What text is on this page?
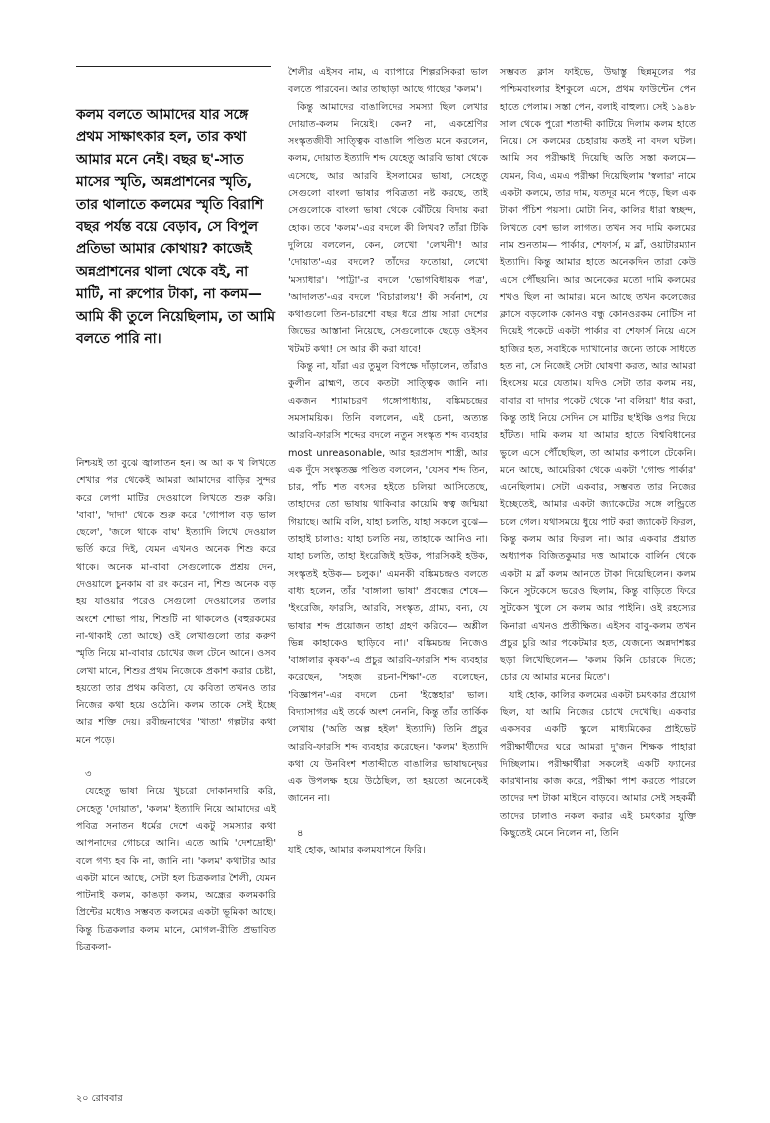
কলম বলতে আমাদের যার সঙ্গে প্রথম সাক্ষাৎকার হল, তার কথা আমার মনে নেই। বছর ছ'-সাত মাসের স্মৃতি, অন্নপ্রাশনের স্মৃতি, তার থালাতে কলমের স্মৃতি বিরাশি বছর পর্যন্ত বয়ে বেড়াব, সে বিপুল প্রতিভা আমার কোথায়? কাজেই অন্নপ্রাশনের থালা থেকে বই, না মাটি, না রুপোর টাকা, না কলম— আমি কী তুলে নিয়েছিলাম, তা আমি বলতে পারি না।

নিশ্চয়ই তা বুঝে জ্বালাতন হন। অ আ ক খ লিখতে শেখার পর থেকেই আমরা আমাদের বাড়ির সুন্দর করে লেপা মাটির দেওয়ালে লিখতে শুরু করি। 'বাবা', 'দাদা' থেকে শুরু করে 'গোপাল বড় ভাল ছেলে', 'জলে থাকে বাঘ' ইত্যাদি লিখে দেওয়াল ভর্তি করে দিই, যেমন এখনও অনেক শিশু করে থাকে। অনেক মা-বাবা সেগুলোকে প্রশ্রয় দেন, দেওয়ালে চুনকাম বা রং করেন না, শিশু অনেক বড় হয় যাওয়ার পরেও সেগুলো দেওয়ালের তলার অংশে শোভা পায়, শিশুটি না থাকলেও (বহুরকমের না-থাকাই তো আছে) ওই লেখাগুলো তার করুণ স্মৃতি নিয়ে মা-বাবার চোখের জল টেনে আনে। ওসব লেখা মানে, শিশুর প্রথম নিজেকে প্রকাশ করার চেষ্টা, হয়তো তার প্রথম কবিতা, যে কবিতা তখনও তার নিজের কথা হয়ে ওঠেনি। কলম তাকে সেই ইচ্ছে আর শক্তি দেয়। রবীন্দ্রনাথের 'খাতা' গল্পটার কথা মনে পড়ে।

৩

যেহেতু ভাষা নিয়ে খুচরো দোকানদারি করি, সেহেতু 'দোয়াত', 'কলম' ইত্যাদি নিয়ে আমাদের এই পবিত্র সনাতন ধর্মের দেশে একটু সমস্যার কথা আপনাদের গোচরে আনি। এতে আমি 'দেশদ্রোহী' বলে গণ্য হব কি না, জানি না। 'কলম' কথাটার আর একটা মানে আছে, সেটা হল চিত্রকলার শৈলী, যেমন পাটনাই কলম, কাঙড়া কলম, অন্ধ্রের কলমকারি প্রিন্টের মধ্যেও সম্ভবত কলমের একটা ভূমিকা আছে। কিন্তু চিত্রকলার কলম মানে, মোগল-রীতি প্রভাবিত চিত্রকলা-

শৈলীর এইসব নাম, এ ব্যাপারে শিল্পরসিকরা ভাল বলতে পারবেন। আর তাছাড়া আছে গাছের 'কলম'।

কিন্তু আমাদের বাঙালিদের সমস্যা ছিল লেখার দোয়াত-কলম নিয়েই। কেন? না, একশ্রেণির সংস্কৃতজীবী সাত্ত্বিক বাঙালি পণ্ডিত মনে করলেন, কলম, দোয়াত ইত্যাদি শব্দ যেহেতু আরবি ভাষা থেকে এসেছে, আর আরবি ইসলামের ভাষা, সেহেতু সেগুলো বাংলা ভাষার পবিত্রতা নষ্ট করছে, তাই সেগুলোকে বাংলা ভাষা থেকে ঝেঁটিয়ে বিদায় করা হোক। তবে 'কলম'-এর বদলে কী লিখব? তাঁরা টিকি দুলিয়ে বললেন, কেন, লেখো 'লেখনী'! আর 'দোয়াত'-এর বদলে? তাঁদের ফতোয়া, লেখো 'মস্যাধার'। 'পাট্টা'-র বদলে 'ভোগবিধায়ক পত্র', 'আদালত'-এর বদলে 'বিচারালয়'! কী সর্বনাশ, যে কথাগুলো তিন-চারশো বছর ধরে প্রায় সারা দেশের জিভের আস্তানা নিয়েছে, সেগুলোকে ছেড়ে ওইসব খটমট কথা! সে আর কী করা যাবে!

কিন্তু না, যাঁরা এর তুমুল বিপক্ষে দাঁড়ালেন, তাঁরাও কুলীন ব্রাহ্মণ, তবে কতটা সাত্ত্বিক জানি না। একজন শ্যামাচরণ গঙ্গোপাধ্যায়, বঙ্কিমচন্দ্রের সমসাময়িক। তিনি বললেন, এই চেনা, অত্যন্ত আরবি-ফারসি শব্দের বদলে নতুন সংস্কৃত শব্দ ব্যবহার most unreasonable, আর হরপ্রসাদ শাস্ত্রী, আর এক দুঁদে সংস্কৃতজ্ঞ পণ্ডিত বললেন, 'যেসব শব্দ তিন, চার, পাঁচ শত বৎসর হইতে চলিয়া আসিতেছে, তাহাদের তো ভাষায় থাকিবার কায়েমি স্বত্ব জন্মিয়া গিয়াছে। আমি বলি, যাহা চলতি, যাহা সকলে বুঝে— তাহাই চালাও: যাহা চলতি নয়, তাহাকে আনিও না। যাহা চলতি, তাহা ইংরেজিই হউক, পারসিকই হউক, সংস্কৃতই হউক— চলুক।' এমনকী বঙ্কিমচন্দ্রও বলতে বাধ্য হলেন, তাঁর 'বাঙ্গালা ভাষা' প্রবন্ধের শেষে— 'ইংরেজি, ফারসি, আরবি, সংস্কৃত, গ্রাম্য, বন্য, যে ভাষার শব্দ প্রয়োজন তাহা গ্রহণ করিবে— অশ্লীল ভিন্ন কাহাকেও ছাড়িবে না।' বঙ্কিমচন্দ্র নিজেও 'বাঙ্গালার কৃষক'-এ প্রচুর আরবি-ফারসি শব্দ ব্যবহার করেছেন, 'সহজ রচনা-শিক্ষা'-তে বলেছেন, 'বিজ্ঞাপন'-এর বদলে চেনা 'ইস্তেহার' ভাল। বিদ্যাসাগর এই তর্কে অংশ নেননি, কিন্তু তাঁর তার্কিক লেখায় ('অতি অল্প হইল' ইত্যাদি) তিনি প্রচুর আরবি-ফারসি শব্দ ব্যবহার করেছেন। 'কলম' ইত্যাদি কথা যে উনবিংশ শতাব্দীতে বাঙালির ভাষাদ্বন্দ্বের এক উপলক্ষ হয়ে উঠেছিল, তা হয়তো অনেকেই জানেন না।

৪

যাই হোক, আমার কলমযাপনে ফিরি।

সম্ভবত ক্লাস ফাইভে, উদ্বাস্তু ছিন্নমূলের পর পশ্চিমবাংলার ইশকুলে এসে, প্রথম ফাউন্টেন পেন হাতে পেলাম। সস্তা পেন, বলাই বাহুল্য। সেই ১৯৪৮ সাল থেকে পুরো শতাব্দী কাটিয়ে দিলাম কলম হাতে নিয়ে। সে কলমের চেহারায় কতই না বদল ঘটল। আমি সব পরীক্ষাই দিয়েছি অতি সস্তা কলমে— যেমন, বিএ, এমএ পরীক্ষা দিয়েছিলাম 'স্বলার' নামে একটা কলমে, তার দাম, যতদূর মনে পড়ে, ছিল এক টাকা পঁচিশ পয়সা। মোটা নিব, কালির ধারা স্বচ্ছন্দ, লিখতে বেশ ভাল লাগত। তখন সব দামি কলমের নাম শুনতাম— পার্কার, শেফার্স, ম ব্লাঁ, ওয়াটারম্যান ইত্যাদি। কিন্তু আমার হাতে অনেকদিন তারা কেউ এসে পৌঁছয়নি। আর অনেকের মতো দামি কলমের শখও ছিল না আমার। মনে আছে তখন কলেজের ক্লাসে বড়লোক কোনও বন্ধু কোনওরকম নোটিস না দিয়েই পকেটে একটা পার্কার বা শেফার্স নিয়ে এসে হাজির হত, সবাইকে দ্যাখানোর জন্যে তাকে সাধতে হত না, সে নিজেই সেটা ঘোষণা করত, আর আমরা হিংসেয় মরে যেতাম। যদিও সেটা তার কলম নয়, বাবার বা দাদার পকেট থেকে 'না বলিয়া' ধার করা, কিন্তু তাই নিয়ে সেদিন সে মাটির ছ'ইঞ্চি ওপর দিয়ে হাঁটত। দামি কলম যা আমার হাতে বিশ্ববিধানের ভুলে এসে পৌঁছেছিল, তা আমার কপালে টেকেনি। মনে আছে, আমেরিকা থেকে একটা 'গোল্ড পার্কার' এনেছিলাম। সেটা একবার, সম্ভবত তার নিজের ইচ্ছেতেই, আমার একটা জ্যাকেটের সঙ্গে লন্ড্রিতে চলে গেল। যথাসময়ে ধুয়ে পাট করা জ্যাকেট ফিরল, কিন্তু কলম আর ফিরল না। আর একবার প্রয়াত অধ্যাপক বিজিতকুমার দত্ত আমাকে বার্লিন থেকে একটা ম ব্লাঁ কলম আনতে টাকা দিয়েছিলেন। কলম কিনে সুটকেসে ভরেও ছিলাম, কিন্তু বাড়িতে ফিরে সুটকেস খুলে সে কলম আর পাইনি। ওই রহস্যের কিনারা এখনও প্রতীক্ষিত। এইসব বাবু-কলম তখন প্রচুর চুরি আর পকেটমার হত, যেজন্যে অন্নদাশঙ্কর ছড়া লিখেছিলেন— 'কলম কিনি চোরকে দিতে; চোর যে আমার মনের মিতে'।

যাই হোক, কালির কলমের একটা চমৎকার প্রয়োগ ছিল, যা আমি নিজের চোখে দেখেছি। একবার একসবর একটি স্কুলে মাধ্যমিকের প্রাইভেট পরীক্ষার্থীদের ঘরে আমরা দু'জন শিক্ষক পাহারা দিচ্ছিলাম। পরীক্ষার্থীরা সকলেই একটি ফ্যানের কারখানায় কাজ করে, পরীক্ষা পাশ করতে পারলে তাদের দশ টাকা মাইনে বাড়বে। আমার সেই সহকর্মী তাদের ঢালাও নকল করার এই চমৎকার যুক্তি কিছুতেই মেনে নিলেন না, তিনি

২০ রোববার
